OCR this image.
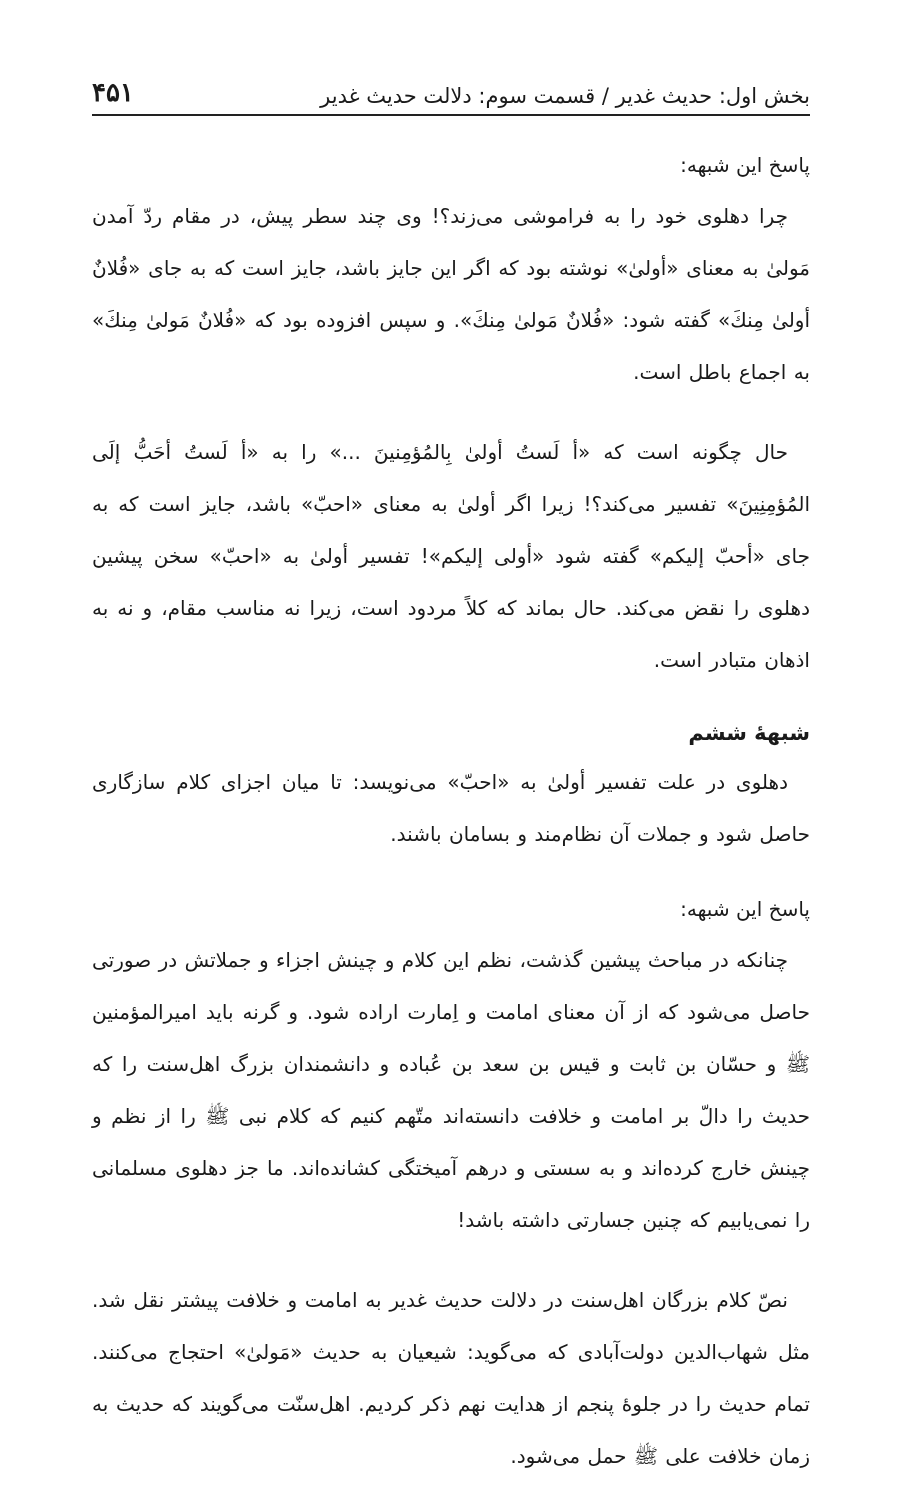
بخش اول: حدیث غدیر / قسمت سوم: دلالت حدیث غدیر
۴۵۱

پاسخ این شبهه:

چرا دهلوی خود را به فراموشی می‌زند؟! وی چند سطر پیش، در مقام ردّ آمدن مَولیٰ به معنای «أولیٰ» نوشته بود که اگر این جایز باشد، جایز است که به جای «فُلانٌ أولیٰ مِنكَ» گفته شود: «فُلانٌ مَولیٰ مِنكَ». و سپس افزوده بود که «فُلانٌ مَولیٰ مِنكَ» به اجماع باطل است.

حال چگونه است که «أ لَستُ أولیٰ بِالمُؤمِنینَ ...» را به «أ لَستُ أحَبُّ إلَی المُؤمِنِینَ» تفسیر می‌کند؟! زیرا اگر أولیٰ به معنای «احبّ» باشد، جایز است که به جای «أحبّ إلیکم» گفته شود «أولی إلیکم»! تفسیر أولیٰ به «احبّ» سخن پیشین دهلوی را نقض می‌کند. حال بماند که کلاً مردود است، زیرا نه مناسب مقام، و نه به اذهان متبادر است.

شبههٔ ششم

دهلوی در علت تفسیر أولیٰ به «احبّ» می‌نویسد: تا میان اجزای کلام سازگاری حاصل شود و جملات آن نظام‌مند و بسامان باشند.

پاسخ این شبهه:

چنانکه در مباحث پیشین گذشت، نظم این کلام و چینش اجزاء و جملاتش در صورتی حاصل می‌شود که از آن معنای امامت و اِمارت اراده شود. و گرنه باید امیرالمؤمنین ﷺ و حسّان بن ثابت و قیس بن سعد بن عُباده و دانشمندان بزرگ اهل‌سنت را که حدیث را دالّ بر امامت و خلافت دانسته‌اند متّهم کنیم که کلام نبی ﷺ را از نظم و چینش خارج کرده‌اند و به سستی و درهم آمیختگی کشانده‌اند. ما جز دهلوی مسلمانی را نمی‌یابیم که چنین جسارتی داشته باشد!

نصّ کلام بزرگان اهل‌سنت در دلالت حدیث غدیر به امامت و خلافت پیشتر نقل شد. مثل شهاب‌الدین دولت‌آبادی که می‌گوید: شیعیان به حدیث «مَولیٰ» احتجاج می‌کنند. تمام حدیث را در جلوهٔ پنجم از هدایت نهم ذکر کردیم. اهل‌سنّت می‌گویند که حدیث به زمان خلافت علی ﷺ حمل می‌شود.
